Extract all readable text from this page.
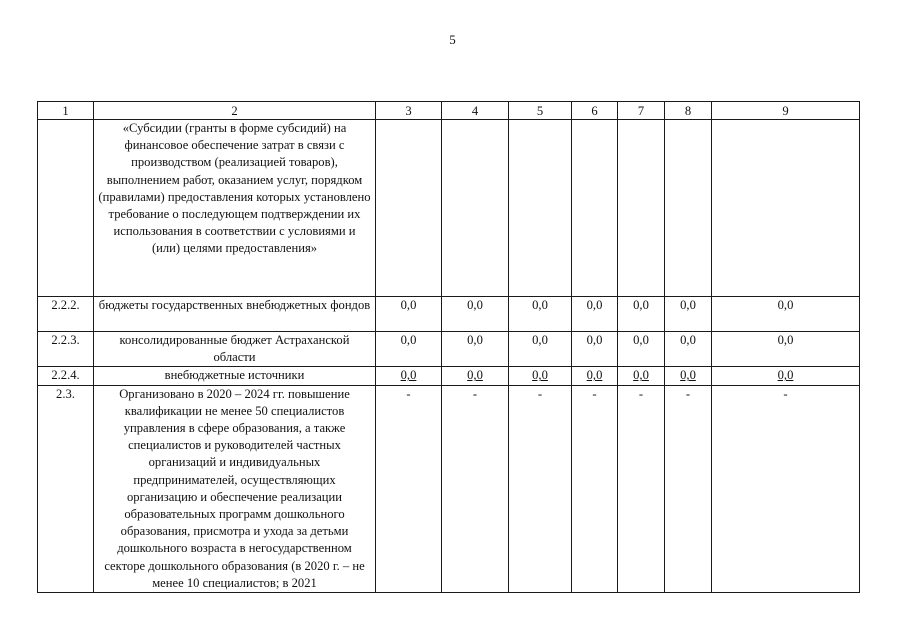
5
1	2	3	4	5	6	7	8	9
	«Субсидии (гранты в форме субсидий) на финансовое обеспечение затрат в связи с производством (реализацией товаров), выполнением работ, оказанием услуг, порядком (правилами) предоставления которых установлено требование о последующем подтверждении их использования в соответствии с условиями и (или) целями предоставления»							
2.2.2.	бюджеты государственных внебюджетных фондов	0,0	0,0	0,0	0,0	0,0	0,0	0,0
2.2.3.	консолидированные бюджет Астраханской области	0,0	0,0	0,0	0,0	0,0	0,0	0,0
2.2.4.	внебюджетные источники	0,0	0,0	0,0	0,0	0,0	0,0	0,0
2.3.	Организовано в 2020 – 2024 гг. повышение квалификации не менее 50 специалистов управления в сфере образования, а также специалистов и руководителей частных организаций и индивидуальных предпринимателей, осуществляющих организацию и обеспечение реализации образовательных программ дошкольного образования, присмотра и ухода за детьми дошкольного возраста в негосударственном секторе дошкольного образования (в 2020 г. – не менее 10 специалистов; в 2021	-	-	-	-	-	-	-
